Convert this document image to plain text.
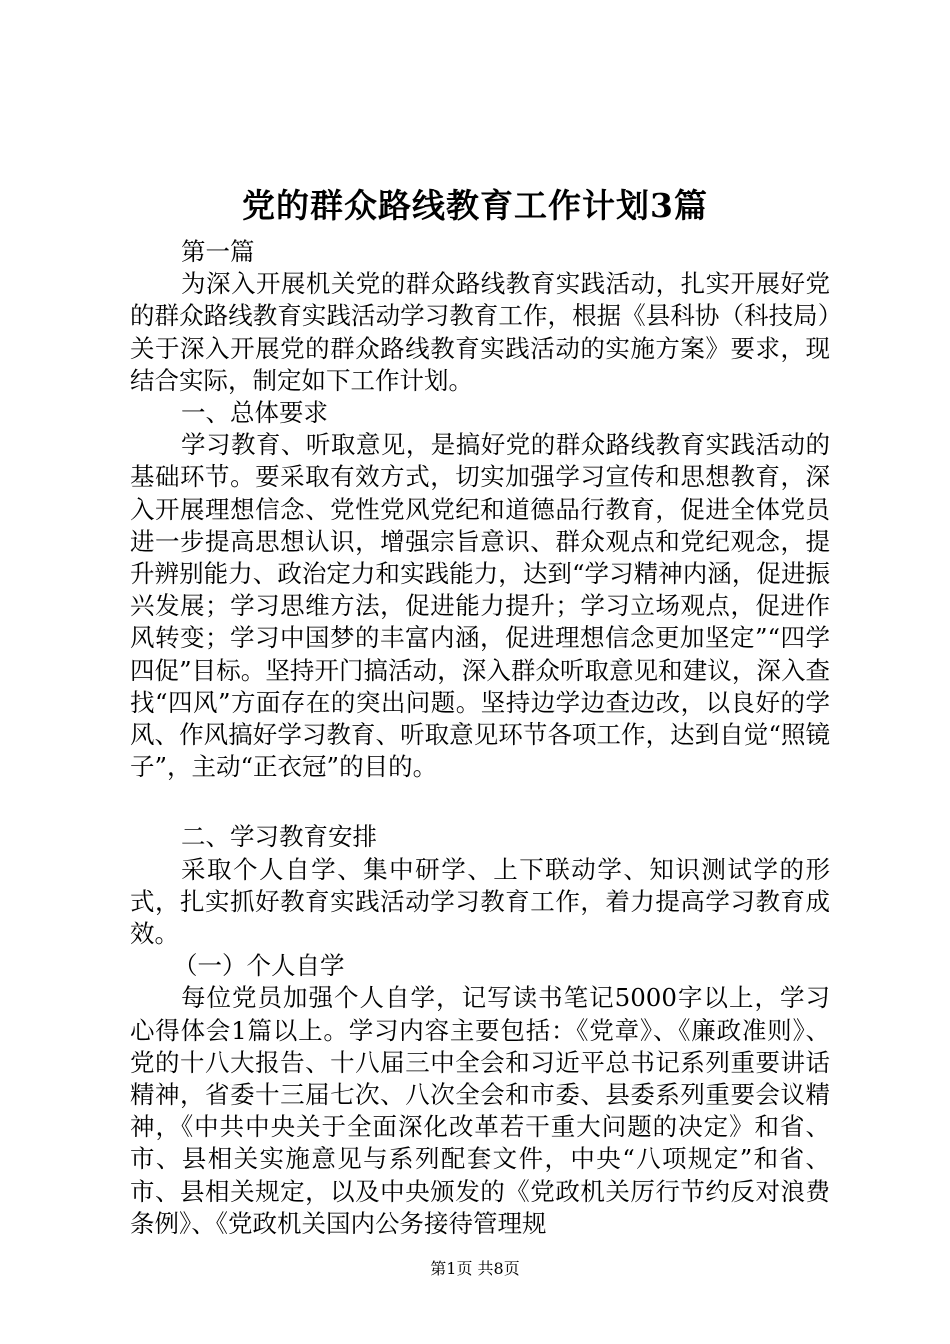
党的群众路线教育工作计划3篇

第一篇

为深入开展机关党的群众路线教育实践活动，扎实开展好党的群众路线教育实践活动学习教育工作，根据《县科协（科技局）关于深入开展党的群众路线教育实践活动的实施方案》要求，现结合实际，制定如下工作计划。

一、总体要求

学习教育、听取意见，是搞好党的群众路线教育实践活动的基础环节。要采取有效方式，切实加强学习宣传和思想教育，深入开展理想信念、党性党风党纪和道德品行教育，促进全体党员进一步提高思想认识，增强宗旨意识、群众观点和党纪观念，提升辨别能力、政治定力和实践能力，达到“学习精神内涵，促进振兴发展；学习思维方法，促进能力提升；学习立场观点，促进作风转变；学习中国梦的丰富内涵，促进理想信念更加坚定”“四学四促”目标。坚持开门搞活动，深入群众听取意见和建议，深入查找“四风”方面存在的突出问题。坚持边学边查边改，以良好的学风、作风搞好学习教育、听取意见环节各项工作，达到自觉“照镜子”，主动“正衣冠”的目的。

二、学习教育安排

采取个人自学、集中研学、上下联动学、知识测试学的形式，扎实抓好教育实践活动学习教育工作，着力提高学习教育成效。

（一）个人自学

每位党员加强个人自学，记写读书笔记5000字以上，学习心得体会1篇以上。学习内容主要包括：《党章》、《廉政准则》、党的十八大报告、十八届三中全会和习近平总书记系列重要讲话精神，省委十三届七次、八次全会和市委、县委系列重要会议精神，《中共中央关于全面深化改革若干重大问题的决定》和省、市、县相关实施意见与系列配套文件，中央“八项规定”和省、市、县相关规定，以及中央颁发的《党政机关厉行节约反对浪费条例》、《党政机关国内公务接待管理规

第1页 共8页
